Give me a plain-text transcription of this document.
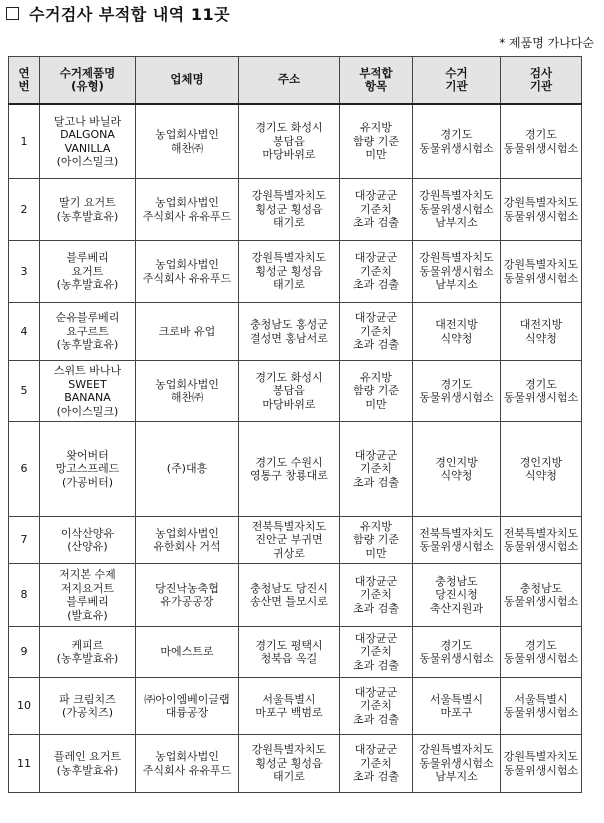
수거검사 부적합 내역 11곳
* 제품명 가나다순
연
번	수거제품명
(유형)	업체명	주소	부적합
항목	수거
기관	검사
기관
1	달고나 바닐라
DALGONA
VANILLA
(아이스밀크)	농업회사법인
해찬㈜	경기도 화성시
봉담읍
마당바위로	유지방
함량 기준
미만	경기도
동물위생시험소	경기도
동물위생시험소
2	딸기 요거트
(농후발효유)	농업회사법인
주식회사 유유푸드	강원특별자치도
횡성군 횡성읍
태기로	대장균군
기준치
초과 검출	강원특별자치도
동물위생시험소
남부지소	강원특별자치도
동물위생시험소
3	블루베리
요거트
(농후발효유)	농업회사법인
주식회사 유유푸드	강원특별자치도
횡성군 횡성읍
태기로	대장균군
기준치
초과 검출	강원특별자치도
동물위생시험소
남부지소	강원특별자치도
동물위생시험소
4	순유블루베리
요구르트
(농후발효유)	크로바 유업	충청남도 홍성군
결성면 홍남서로	대장균군
기준치
초과 검출	대전지방
식약청	대전지방
식약청
5	스위트 바나나
SWEET
BANANA
(아이스밀크)	농업회사법인
해찬㈜	경기도 화성시
봉담읍
마당바위로	유지방
함량 기준
미만	경기도
동물위생시험소	경기도
동물위생시험소
6	왓어버터
망고스프레드
(가공버터)	(주)대흥	경기도 수원시
영통구 창룡대로	대장균군
기준치
초과 검출	경인지방
식약청	경인지방
식약청
7	이삭산양유
(산양유)	농업회사법인
유한회사 거석	전북특별자치도
진안군 부귀면
귀상로	유지방
함량 기준
미만	전북특별자치도
동물위생시험소	전북특별자치도
동물위생시험소
8	저지본 수제
저지요거트
블루베리
(발효유)	당진낙농축협
유가공공장	충청남도 당진시
송산면 틀모시로	대장균군
기준치
초과 검출	충청남도
당진시청
축산지원과	충청남도
동물위생시험소
9	케피르
(농후발효유)	마에스트로	경기도 평택시
청북읍 옥길	대장균군
기준치
초과 검출	경기도
동물위생시험소	경기도
동물위생시험소
10	파 크림치즈
(가공치즈)	㈜아이엠베이글랩
대륭공장	서울특별시
마포구 백범로	대장균군
기준치
초과 검출	서울특별시
마포구	서울특별시
동물위생시험소
11	플레인 요거트
(농후발효유)	농업회사법인
주식회사 유유푸드	강원특별자치도
횡성군 횡성읍
태기로	대장균군
기준치
초과 검출	강원특별자치도
동물위생시험소
남부지소	강원특별자치도
동물위생시험소
